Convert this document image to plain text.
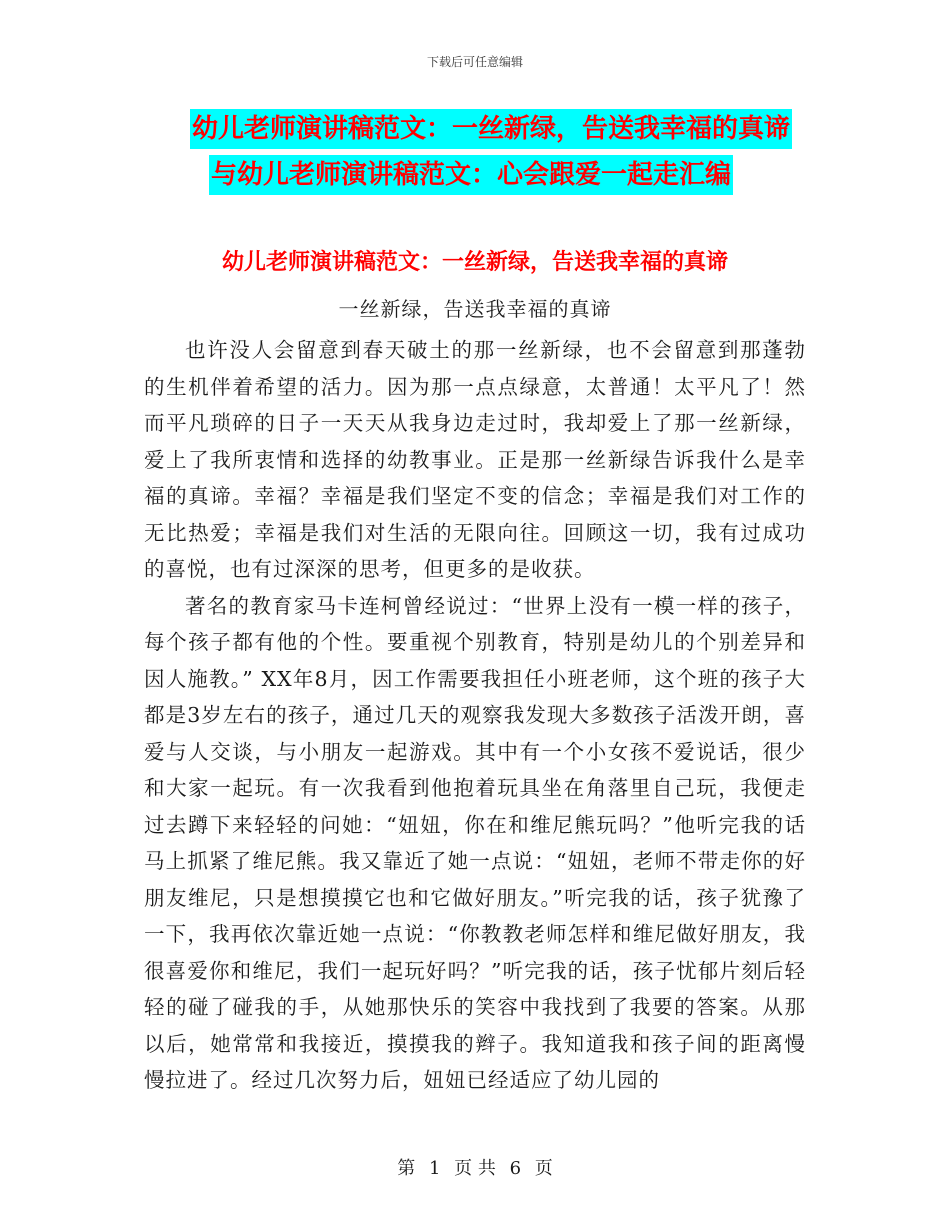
下载后可任意编辑
幼儿老师演讲稿范文：一丝新绿，告送我幸福的真谛
与幼儿老师演讲稿范文：心会跟爱一起走汇编
幼儿老师演讲稿范文：一丝新绿，告送我幸福的真谛
一丝新绿，告送我幸福的真谛

也许没人会留意到春天破土的那一丝新绿，也不会留意到那蓬勃的生机伴着希望的活力。因为那一点点绿意，太普通！太平凡了！然而平凡琐碎的日子一天天从我身边走过时，我却爱上了那一丝新绿，爱上了我所衷情和选择的幼教事业。正是那一丝新绿告诉我什么是幸福的真谛。幸福？幸福是我们坚定不变的信念；幸福是我们对工作的无比热爱；幸福是我们对生活的无限向往。回顾这一切，我有过成功的喜悦，也有过深深的思考，但更多的是收获。

著名的教育家马卡连柯曾经说过：“世界上没有一模一样的孩子，每个孩子都有他的个性。要重视个别教育，特别是幼儿的个别差异和因人施教。” XX年8月，因工作需要我担任小班老师，这个班的孩子大都是3岁左右的孩子，通过几天的观察我发现大多数孩子活泼开朗，喜爱与人交谈，与小朋友一起游戏。其中有一个小女孩不爱说话，很少和大家一起玩。有一次我看到他抱着玩具坐在角落里自己玩，我便走过去蹲下来轻轻的问她：“妞妞，你在和维尼熊玩吗？”他听完我的话马上抓紧了维尼熊。我又靠近了她一点说：“妞妞，老师不带走你的好朋友维尼，只是想摸摸它也和它做好朋友。”听完我的话，孩子犹豫了一下，我再依次靠近她一点说：“你教教老师怎样和维尼做好朋友，我很喜爱你和维尼，我们一起玩好吗？”听完我的话，孩子忧郁片刻后轻轻的碰了碰我的手，从她那快乐的笑容中我找到了我要的答案。从那以后，她常常和我接近，摸摸我的辫子。我知道我和孩子间的距离慢慢拉进了。经过几次努力后，妞妞已经适应了幼儿园的

第 1 页 共 6 页
